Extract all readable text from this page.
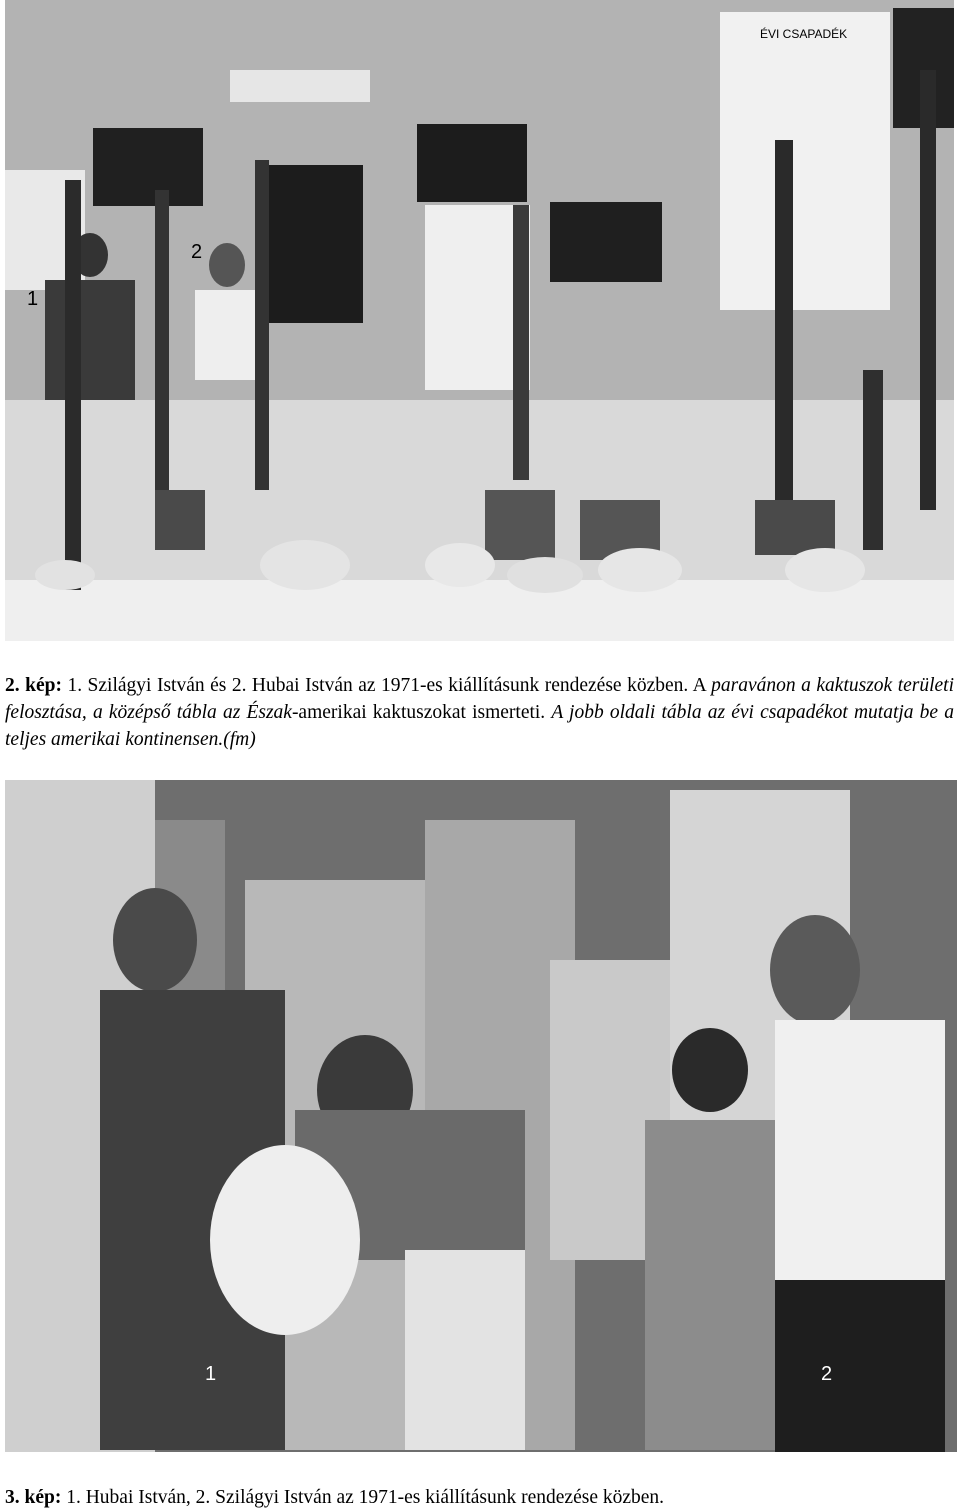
ÉVI CSAPADÉK
1
2
2. kép: 1. Szilágyi István és 2. Hubai István az 1971-es kiállításunk rendezése közben. A paravánon a kaktuszok területi felosztása, a középső tábla az Észak-amerikai kaktuszokat ismerteti. A jobb oldali tábla az évi csapadékot mutatja be a teljes amerikai kontinensen.(fm)
1	2
3. kép: 1. Hubai István, 2. Szilágyi István az 1971-es kiállításunk rendezése közben.
